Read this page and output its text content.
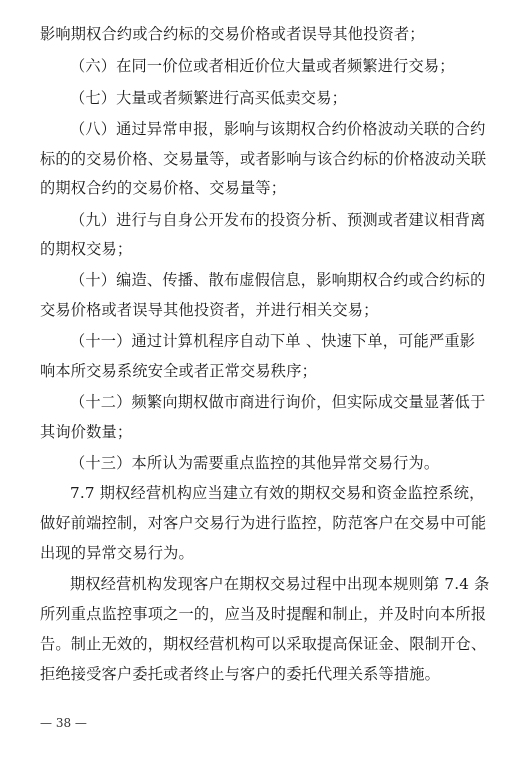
影响期权合约或合约标的交易价格或者误导其他投资者；
（六）在同一价位或者相近价位大量或者频繁进行交易；
（七）大量或者频繁进行高买低卖交易；
（八）通过异常申报，影响与该期权合约价格波动关联的合约
标的的交易价格、交易量等，或者影响与该合约标的价格波动关联
的期权合约的交易价格、交易量等；
（九）进行与自身公开发布的投资分析、预测或者建议相背离
的期权交易；
（十）编造、传播、散布虚假信息，影响期权合约或合约标的
交易价格或者误导其他投资者，并进行相关交易；
（十一）通过计算机程序自动下单 、快速下单，可能严重影
响本所交易系统安全或者正常交易秩序；
（十二）频繁向期权做市商进行询价，但实际成交量显著低于
其询价数量；
（十三）本所认为需要重点监控的其他异常交易行为。
7.7 期权经营机构应当建立有效的期权交易和资金监控系统，
做好前端控制，对客户交易行为进行监控，防范客户在交易中可能
出现的异常交易行为。
期权经营机构发现客户在期权交易过程中出现本规则第 7.4 条
所列重点监控事项之一的，应当及时提醒和制止，并及时向本所报
告。制止无效的，期权经营机构可以采取提高保证金、限制开仓、
拒绝接受客户委托或者终止与客户的委托代理关系等措施。
— 38 —
